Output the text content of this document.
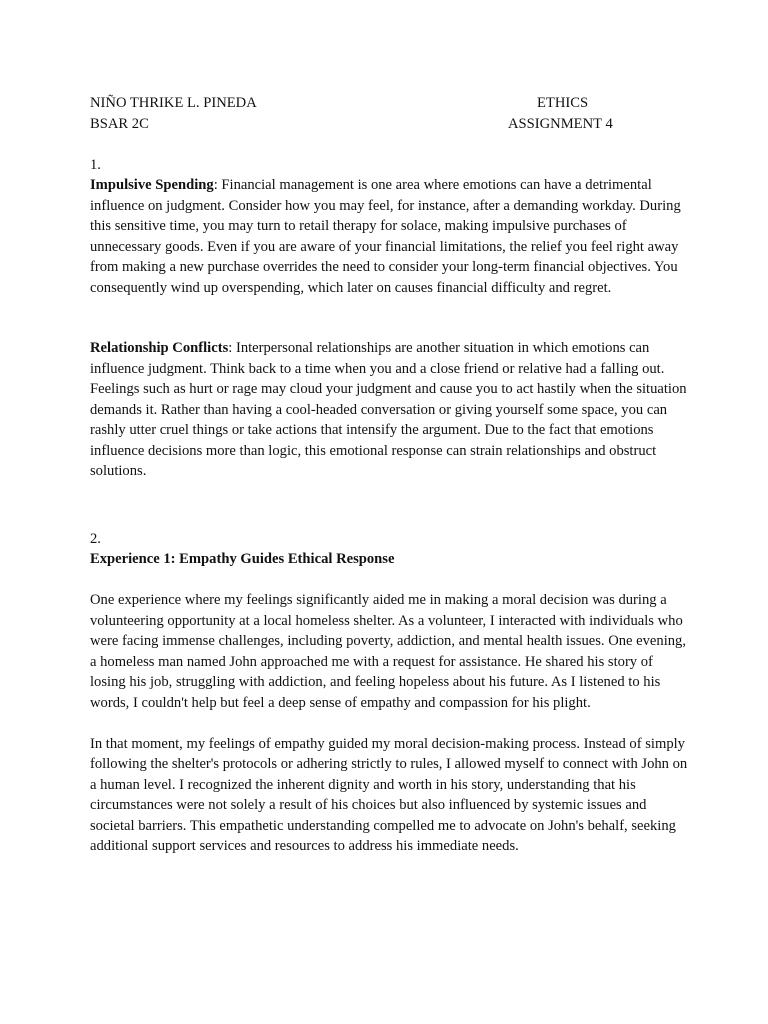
NIÑO THRIKE L. PINEDA	ETHICS
BSAR 2C	ASSIGNMENT 4

1.

Impulsive Spending: Financial management is one area where emotions can have a detrimental influence on judgment. Consider how you may feel, for instance, after a demanding workday. During this sensitive time, you may turn to retail therapy for solace, making impulsive purchases of unnecessary goods. Even if you are aware of your financial limitations, the relief you feel right away from making a new purchase overrides the need to consider your long-term financial objectives. You consequently wind up overspending, which later on causes financial difficulty and regret.

Relationship Conflicts: Interpersonal relationships are another situation in which emotions can influence judgment. Think back to a time when you and a close friend or relative had a falling out. Feelings such as hurt or rage may cloud your judgment and cause you to act hastily when the situation demands it. Rather than having a cool-headed conversation or giving yourself some space, you can rashly utter cruel things or take actions that intensify the argument. Due to the fact that emotions influence decisions more than logic, this emotional response can strain relationships and obstruct solutions.

2.

Experience 1: Empathy Guides Ethical Response

One experience where my feelings significantly aided me in making a moral decision was during a volunteering opportunity at a local homeless shelter. As a volunteer, I interacted with individuals who were facing immense challenges, including poverty, addiction, and mental health issues. One evening, a homeless man named John approached me with a request for assistance. He shared his story of losing his job, struggling with addiction, and feeling hopeless about his future. As I listened to his words, I couldn't help but feel a deep sense of empathy and compassion for his plight.

In that moment, my feelings of empathy guided my moral decision-making process. Instead of simply following the shelter's protocols or adhering strictly to rules, I allowed myself to connect with John on a human level. I recognized the inherent dignity and worth in his story, understanding that his circumstances were not solely a result of his choices but also influenced by systemic issues and societal barriers. This empathetic understanding compelled me to advocate on John's behalf, seeking additional support services and resources to address his immediate needs.
